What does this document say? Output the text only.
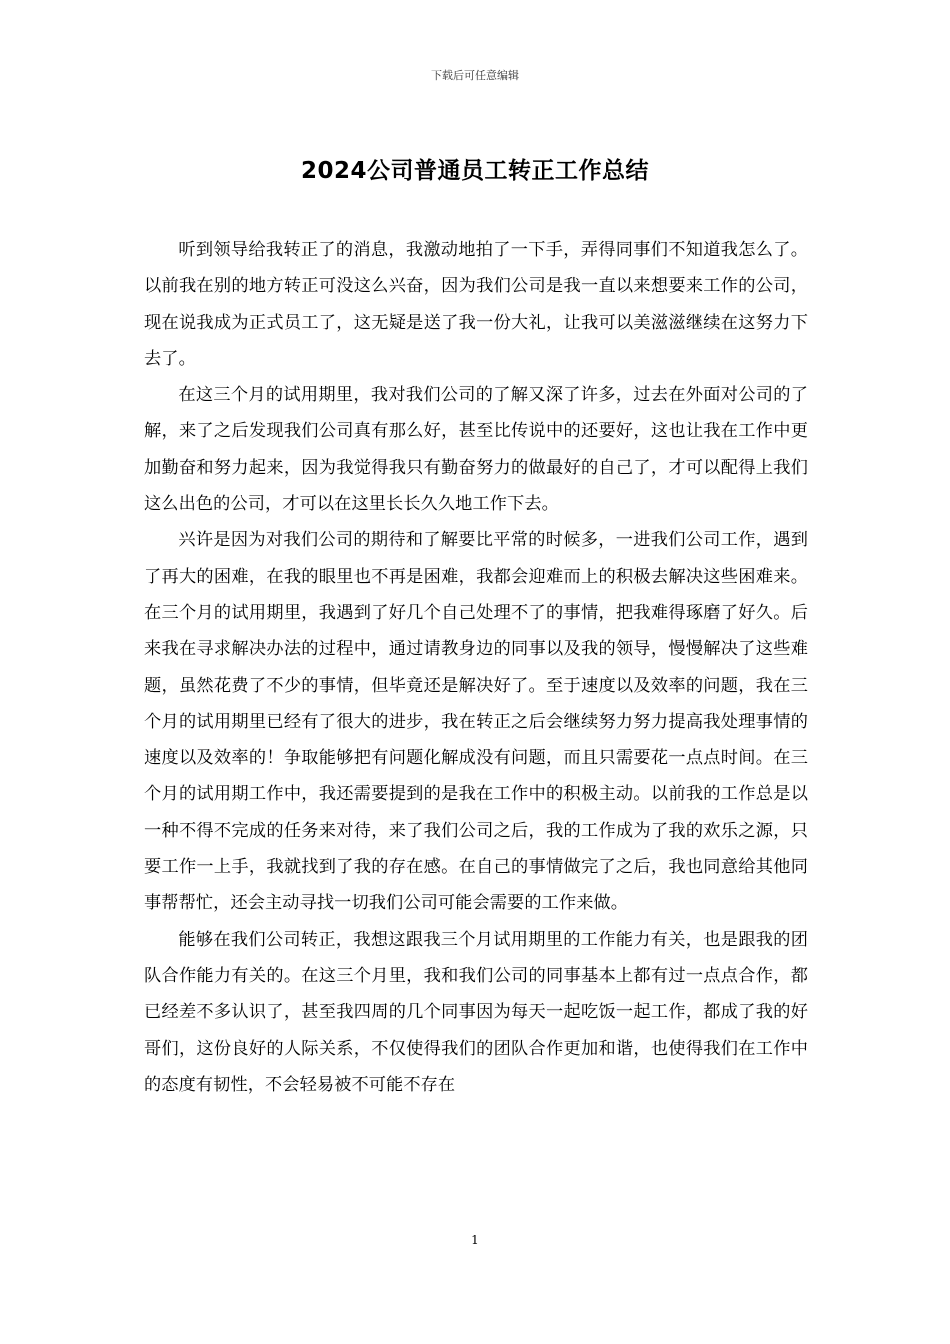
下载后可任意编辑
2024公司普通员工转正工作总结

听到领导给我转正了的消息，我激动地拍了一下手，弄得同事们不知道我怎么了。以前我在别的地方转正可没这么兴奋，因为我们公司是我一直以来想要来工作的公司，现在说我成为正式员工了，这无疑是送了我一份大礼，让我可以美滋滋继续在这努力下去了。

在这三个月的试用期里，我对我们公司的了解又深了许多，过去在外面对公司的了解，来了之后发现我们公司真有那么好，甚至比传说中的还要好，这也让我在工作中更加勤奋和努力起来，因为我觉得我只有勤奋努力的做最好的自己了，才可以配得上我们这么出色的公司，才可以在这里长长久久地工作下去。

兴许是因为对我们公司的期待和了解要比平常的时候多，一进我们公司工作，遇到了再大的困难，在我的眼里也不再是困难，我都会迎难而上的积极去解决这些困难来。在三个月的试用期里，我遇到了好几个自己处理不了的事情，把我难得琢磨了好久。后来我在寻求解决办法的过程中，通过请教身边的同事以及我的领导，慢慢解决了这些难题，虽然花费了不少的事情，但毕竟还是解决好了。至于速度以及效率的问题，我在三个月的试用期里已经有了很大的进步，我在转正之后会继续努力努力提高我处理事情的速度以及效率的！争取能够把有问题化解成没有问题，而且只需要花一点点时间。在三个月的试用期工作中，我还需要提到的是我在工作中的积极主动。以前我的工作总是以一种不得不完成的任务来对待，来了我们公司之后，我的工作成为了我的欢乐之源，只要工作一上手，我就找到了我的存在感。在自己的事情做完了之后，我也同意给其他同事帮帮忙，还会主动寻找一切我们公司可能会需要的工作来做。

能够在我们公司转正，我想这跟我三个月试用期里的工作能力有关，也是跟我的团队合作能力有关的。在这三个月里，我和我们公司的同事基本上都有过一点点合作，都已经差不多认识了，甚至我四周的几个同事因为每天一起吃饭一起工作，都成了我的好哥们，这份良好的人际关系，不仅使得我们的团队合作更加和谐，也使得我们在工作中的态度有韧性，不会轻易被不可能不存在

1
